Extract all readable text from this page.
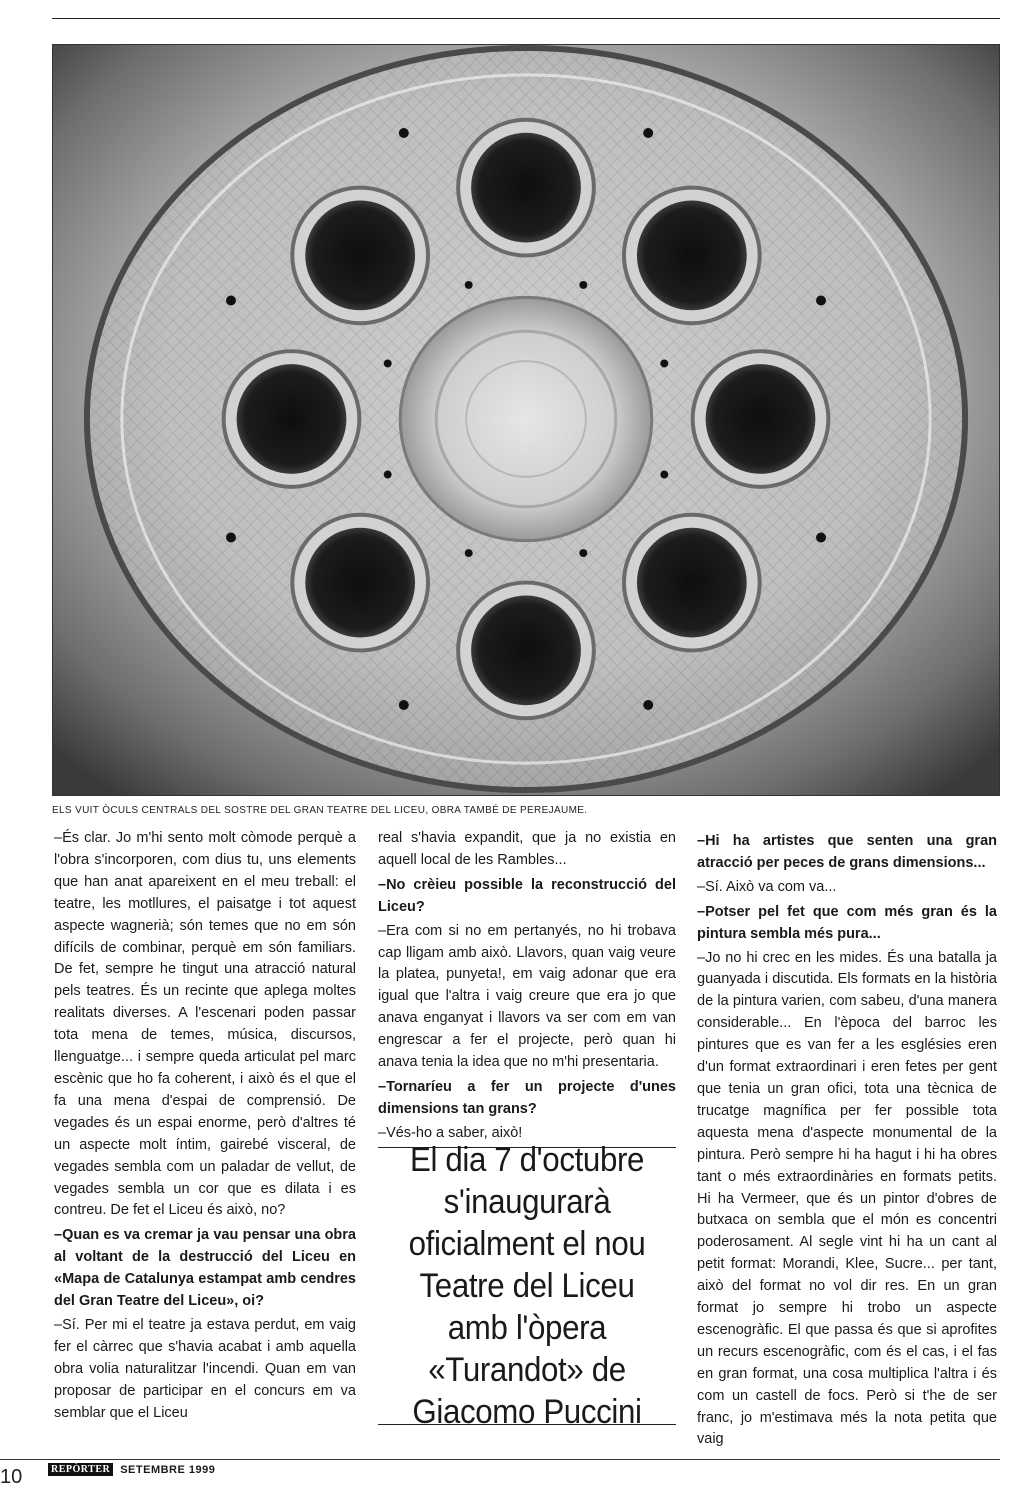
ELS VUIT ÒCULS CENTRALS DEL SOSTRE DEL GRAN TEATRE DEL LICEU, OBRA TAMBÉ DE PEREJAUME.

–És clar. Jo m'hi sento molt còmode perquè a l'obra s'incorporen, com dius tu, uns elements que han anat apareixent en el meu treball: el teatre, les motllures, el paisatge i tot aquest aspecte wagnerià; són temes que no em són difícils de combinar, perquè em són familiars. De fet, sempre he tingut una atracció natural pels teatres. És un recinte que aplega moltes realitats diverses. A l'escenari poden passar tota mena de temes, música, discursos, llenguatge... i sempre queda articulat pel marc escènic que ho fa coherent, i això és el que el fa una mena d'espai de comprensió. De vegades és un espai enorme, però d'altres té un aspecte molt íntim, gairebé visceral, de vegades sembla com un paladar de vellut, de vegades sembla un cor que es dilata i es contreu. De fet el Liceu és això, no?

–Quan es va cremar ja vau pensar una obra al voltant de la destrucció del Liceu en «Mapa de Catalunya estampat amb cendres del Gran Teatre del Liceu», oi?

–Sí. Per mi el teatre ja estava perdut, em vaig fer el càrrec que s'havia acabat i amb aquella obra volia naturalitzar l'incendi. Quan em van proposar de participar en el concurs em va semblar que el Liceu

real s'havia expandit, que ja no existia en aquell local de les Rambles...

–No crèieu possible la reconstrucció del Liceu?

–Era com si no em pertanyés, no hi trobava cap lligam amb això. Llavors, quan vaig veure la platea, punyeta!, em vaig adonar que era igual que l'altra i vaig creure que era jo que anava enganyat i llavors va ser com em van engrescar a fer el projecte, però quan hi anava tenia la idea que no m'hi presentaria.

–Tornaríeu a fer un projecte d'unes dimensions tan grans?

–Vés-ho a saber, això!

–Hi ha artistes que senten una gran atracció per peces de grans dimensions...

–Sí. Això va com va...

–Potser pel fet que com més gran és la pintura sembla més pura...

–Jo no hi crec en les mides. És una batalla ja guanyada i discutida. Els formats en la història de la pintura varien, com sabeu, d'una manera considerable... En l'època del barroc les pintures que es van fer a les esglésies eren d'un format extraordinari i eren fetes per gent que tenia un gran ofici, tota una tècnica de trucatge magnífica per fer possible tota aquesta mena d'aspecte monumental de la pintura. Però sempre hi ha hagut i hi ha obres tant o més extraordinàries en formats petits. Hi ha Vermeer, que és un pintor d'obres de butxaca on sembla que el món es concentri poderosament. Al segle vint hi ha un cant al petit format: Morandi, Klee, Sucre... per tant, això del format no vol dir res. En un gran format jo sempre hi trobo un aspecte escenogràfic. El que passa és que si aprofites un recurs escenogràfic, com és el cas, i el fas en gran format, una cosa multiplica l'altra i és com un castell de focs. Però si t'he de ser franc, jo m'estimava més la nota petita que vaig

El dia 7 d'octubre s'inaugurarà oficialment el nou Teatre del Liceu amb l'òpera «Turandot» de Giacomo Puccini
10	REPÒRTER SETEMBRE 1999
